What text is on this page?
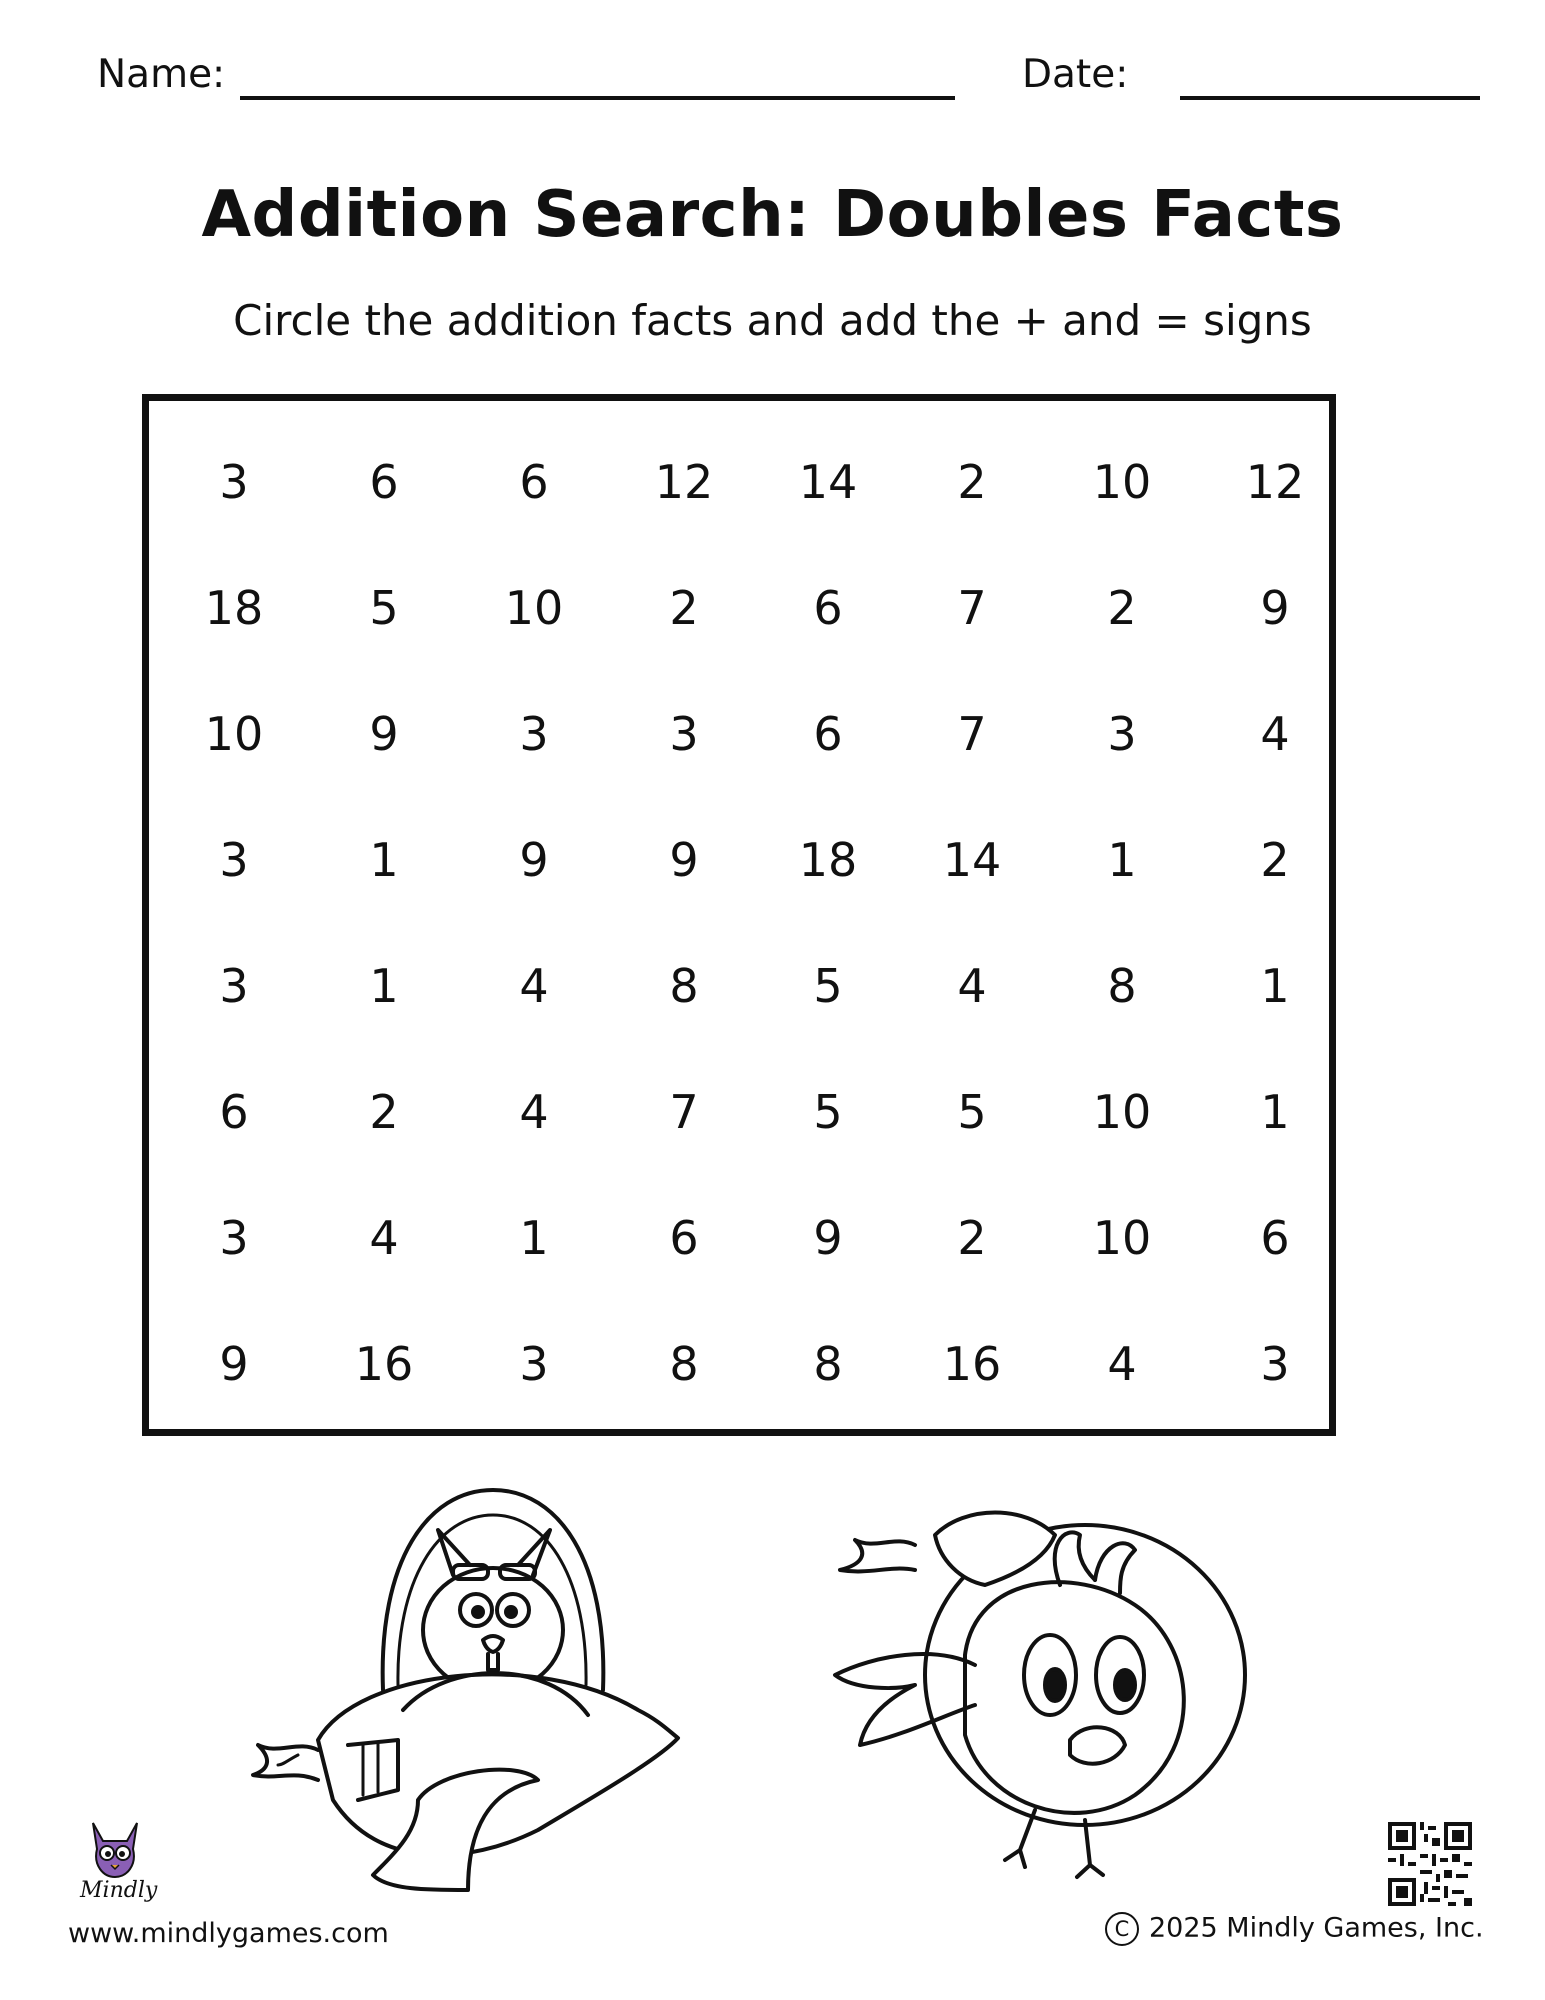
Name:	Date:
Addition Search: Doubles Facts
Circle the addition facts and add the + and = signs
3	6	6	12	14	2	10	12
18	5	10	2	6	7	2	9
10	9	3	3	6	7	3	4
3	1	9	9	18	14	1	2
3	1	4	8	5	4	8	1
6	2	4	7	5	5	10	1
3	4	1	6	9	2	10	6
9	16	3	8	8	16	4	3
Mindly
www.mindlygames.com	C 2025 Mindly Games, Inc.
